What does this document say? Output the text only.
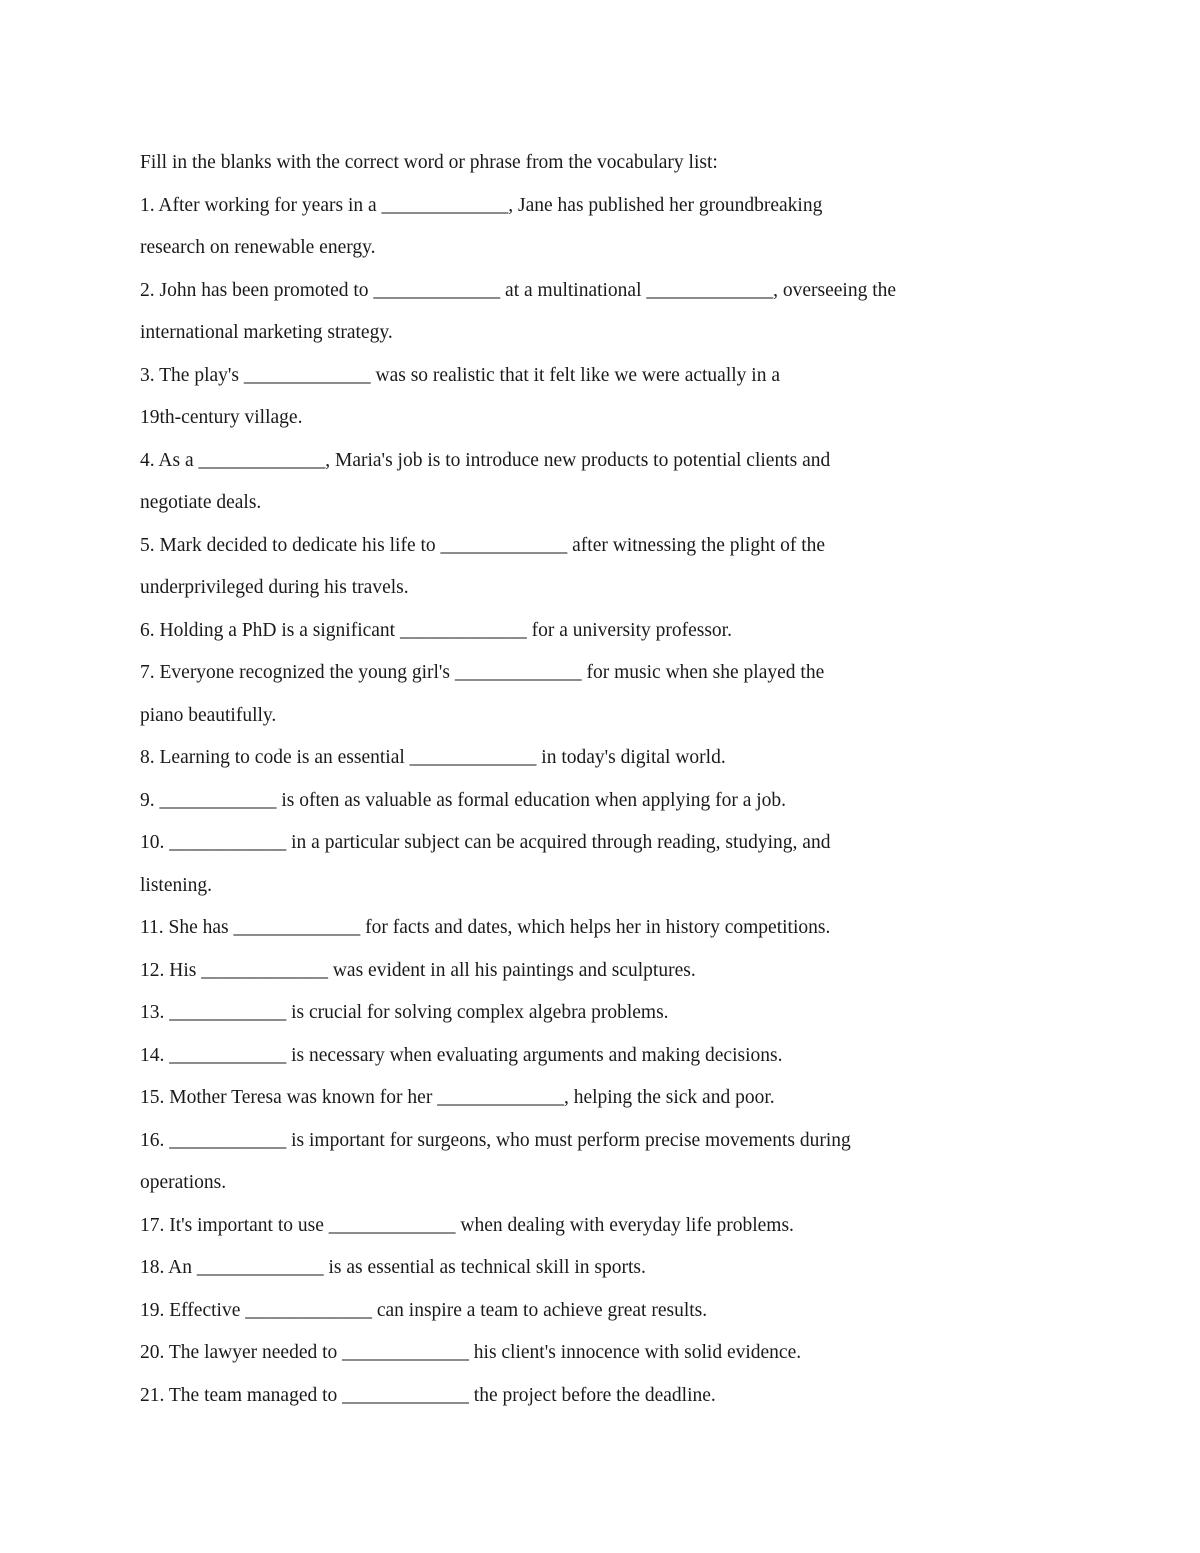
Fill in the blanks with the correct word or phrase from the vocabulary list:
1. After working for years in a _____________, Jane has published her groundbreaking
research on renewable energy.
2. John has been promoted to _____________ at a multinational _____________, overseeing the
international marketing strategy.
3. The play's _____________ was so realistic that it felt like we were actually in a
19th-century village.
4. As a _____________, Maria's job is to introduce new products to potential clients and
negotiate deals.
5. Mark decided to dedicate his life to _____________ after witnessing the plight of the
underprivileged during his travels.
6. Holding a PhD is a significant _____________ for a university professor.
7. Everyone recognized the young girl's _____________ for music when she played the
piano beautifully.
8. Learning to code is an essential _____________ in today's digital world.
9. ____________ is often as valuable as formal education when applying for a job.
10. ____________ in a particular subject can be acquired through reading, studying, and
listening.
11. She has _____________ for facts and dates, which helps her in history competitions.
12. His _____________ was evident in all his paintings and sculptures.
13. ____________ is crucial for solving complex algebra problems.
14. ____________ is necessary when evaluating arguments and making decisions.
15. Mother Teresa was known for her _____________, helping the sick and poor.
16. ____________ is important for surgeons, who must perform precise movements during
operations.
17. It's important to use _____________ when dealing with everyday life problems.
18. An _____________ is as essential as technical skill in sports.
19. Effective _____________ can inspire a team to achieve great results.
20. The lawyer needed to _____________ his client's innocence with solid evidence.
21. The team managed to _____________ the project before the deadline.
